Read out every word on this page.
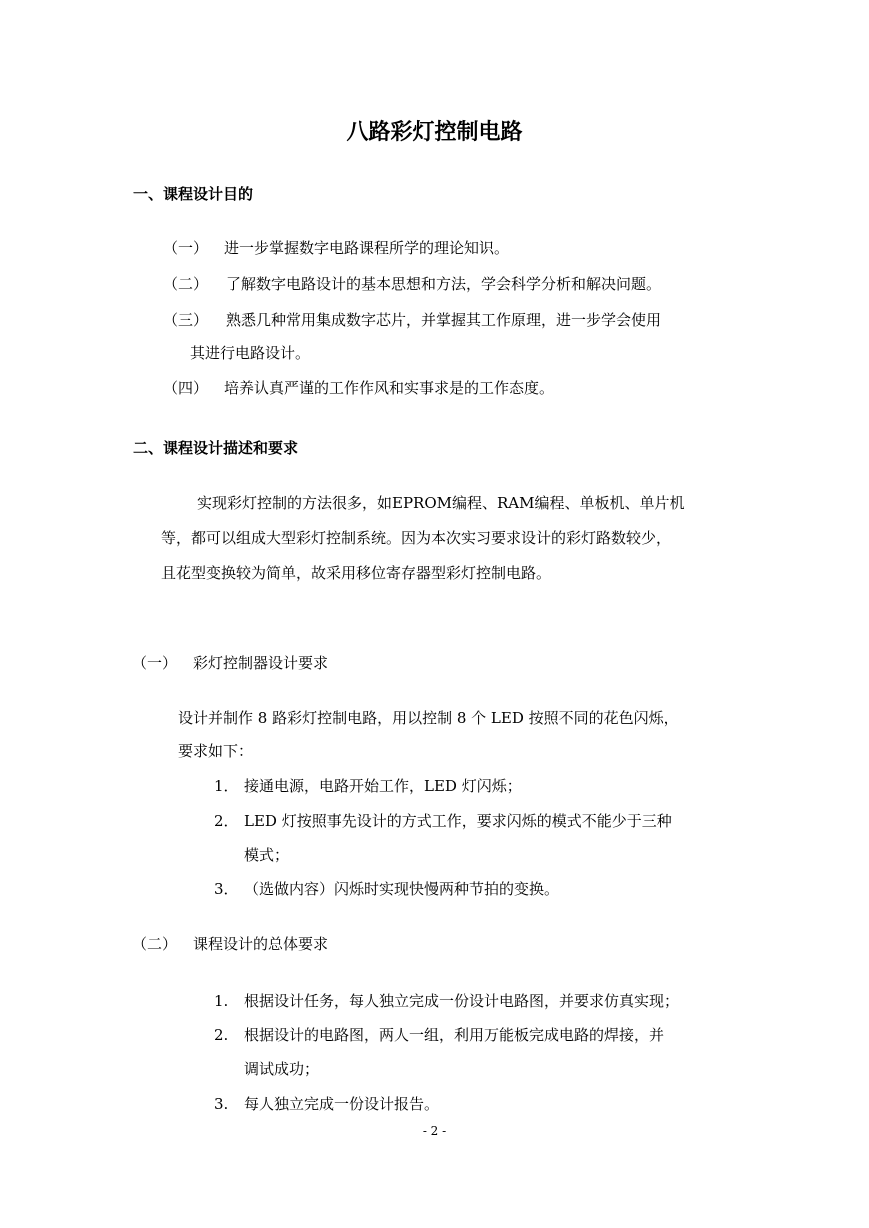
八路彩灯控制电路
一、课程设计目的
（一） 进一步掌握数字电路课程所学的理论知识。
（二） 了解数字电路设计的基本思想和方法，学会科学分析和解决问题。
（三） 熟悉几种常用集成数字芯片，并掌握其工作原理，进一步学会使用
其进行电路设计。
（四） 培养认真严谨的工作作风和实事求是的工作态度。
二、课程设计描述和要求
实现彩灯控制的方法很多，如EPROM编程、RAM编程、单板机、单片机
等，都可以组成大型彩灯控制系统。因为本次实习要求设计的彩灯路数较少，
且花型变换较为简单，故采用移位寄存器型彩灯控制电路。
（一） 彩灯控制器设计要求
设计并制作 8 路彩灯控制电路，用以控制 8 个 LED 按照不同的花色闪烁，
要求如下：
1． 接通电源，电路开始工作，LED 灯闪烁；
2． LED 灯按照事先设计的方式工作，要求闪烁的模式不能少于三种
模式；
3． （选做内容）闪烁时实现快慢两种节拍的变换。
（二） 课程设计的总体要求
1. 根据设计任务，每人独立完成一份设计电路图，并要求仿真实现；
2. 根据设计的电路图，两人一组，利用万能板完成电路的焊接，并
调试成功；
3. 每人独立完成一份设计报告。
- 2 -
